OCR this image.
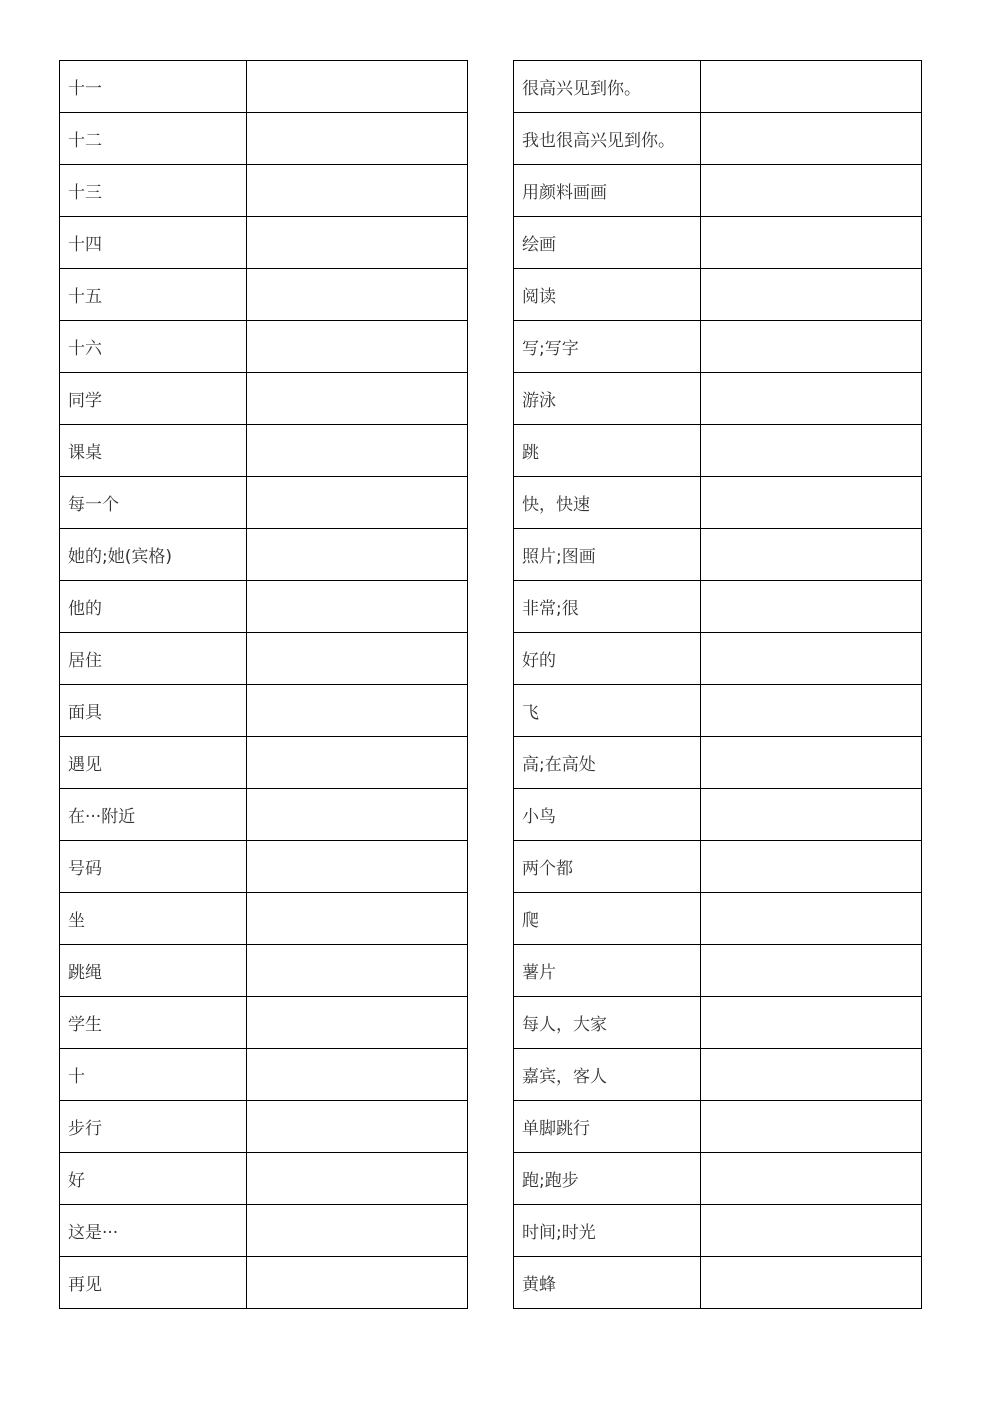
十一	
十二	
十三	
十四	
十五	
十六	
同学	
课桌	
每一个	
她的;她(宾格)	
他的	
居住	
面具	
遇见	
在···附近	
号码	
坐	
跳绳	
学生	
十	
步行	
好	
这是···	
再见	
很高兴见到你。	
我也很高兴见到你。	
用颜料画画	
绘画	
阅读	
写;写字	
游泳	
跳	
快，快速	
照片;图画	
非常;很	
好的	
飞	
高;在高处	
小鸟	
两个都	
爬	
薯片	
每人，大家	
嘉宾，客人	
单脚跳行	
跑;跑步	
时间;时光	
黄蜂	
